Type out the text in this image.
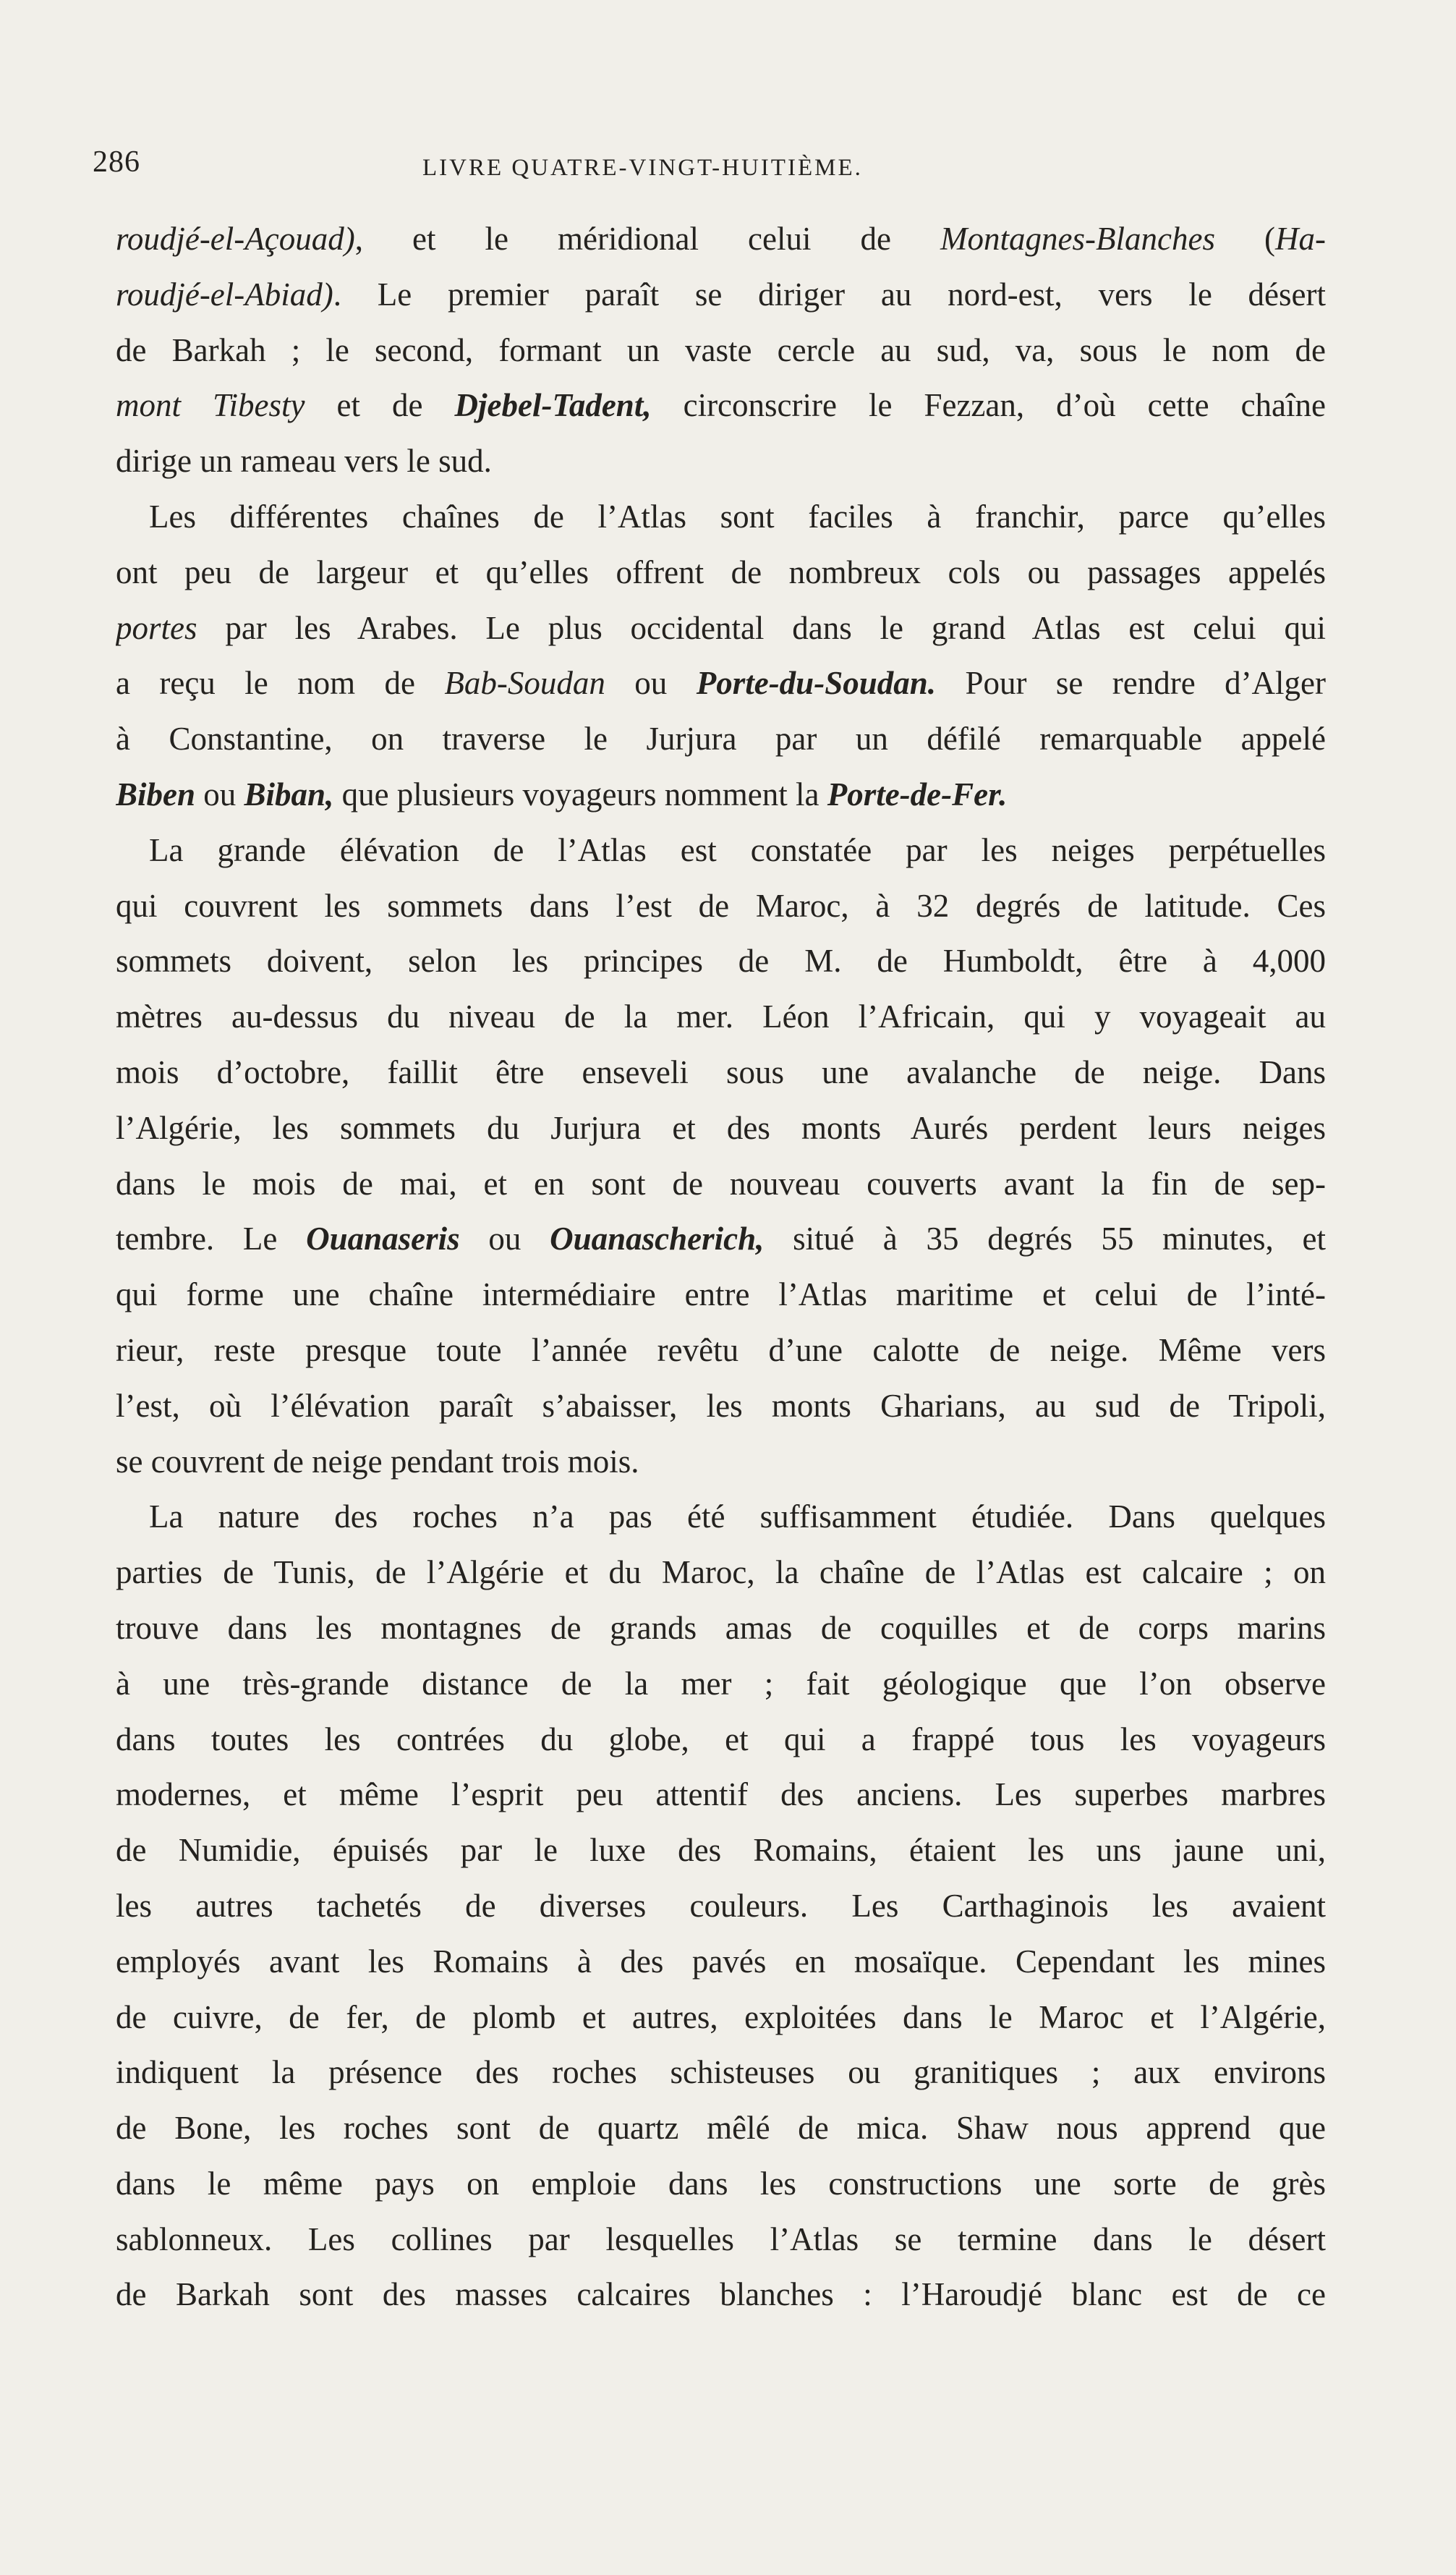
286	LIVRE QUATRE-VINGT-HUITIÈME.
roudjé-el-Açouad), et le méridional celui de Montagnes-Blanches (Ha-
roudjé-el-Abiad). Le premier paraît se diriger au nord-est, vers le désert
de Barkah ; le second, formant un vaste cercle au sud, va, sous le nom de
mont Tibesty et de Djebel-Tadent, circonscrire le Fezzan, d’où cette chaîne
dirige un rameau vers le sud.
Les différentes chaînes de l’Atlas sont faciles à franchir, parce qu’elles
ont peu de largeur et qu’elles offrent de nombreux cols ou passages appelés
portes par les Arabes. Le plus occidental dans le grand Atlas est celui qui
a reçu le nom de Bab-Soudan ou Porte-du-Soudan. Pour se rendre d’Alger
à Constantine, on traverse le Jurjura par un défilé remarquable appelé
Biben ou Biban, que plusieurs voyageurs nomment la Porte-de-Fer.
La grande élévation de l’Atlas est constatée par les neiges perpétuelles
qui couvrent les sommets dans l’est de Maroc, à 32 degrés de latitude. Ces
sommets doivent, selon les principes de M. de Humboldt, être à 4,000
mètres au-dessus du niveau de la mer. Léon l’Africain, qui y voyageait au
mois d’octobre, faillit être enseveli sous une avalanche de neige. Dans
l’Algérie, les sommets du Jurjura et des monts Aurés perdent leurs neiges
dans le mois de mai, et en sont de nouveau couverts avant la fin de sep-
tembre. Le Ouanaseris ou Ouanascherich, situé à 35 degrés 55 minutes, et
qui forme une chaîne intermédiaire entre l’Atlas maritime et celui de l’inté-
rieur, reste presque toute l’année revêtu d’une calotte de neige. Même vers
l’est, où l’élévation paraît s’abaisser, les monts Gharians, au sud de Tripoli,
se couvrent de neige pendant trois mois.
La nature des roches n’a pas été suffisamment étudiée. Dans quelques
parties de Tunis, de l’Algérie et du Maroc, la chaîne de l’Atlas est calcaire ; on
trouve dans les montagnes de grands amas de coquilles et de corps marins
à une très-grande distance de la mer ; fait géologique que l’on observe
dans toutes les contrées du globe, et qui a frappé tous les voyageurs
modernes, et même l’esprit peu attentif des anciens. Les superbes marbres
de Numidie, épuisés par le luxe des Romains, étaient les uns jaune uni,
les autres tachetés de diverses couleurs. Les Carthaginois les avaient
employés avant les Romains à des pavés en mosaïque. Cependant les mines
de cuivre, de fer, de plomb et autres, exploitées dans le Maroc et l’Algérie,
indiquent la présence des roches schisteuses ou granitiques ; aux environs
de Bone, les roches sont de quartz mêlé de mica. Shaw nous apprend que
dans le même pays on emploie dans les constructions une sorte de grès
sablonneux. Les collines par lesquelles l’Atlas se termine dans le désert
de Barkah sont des masses calcaires blanches : l’Haroudjé blanc est de ce
